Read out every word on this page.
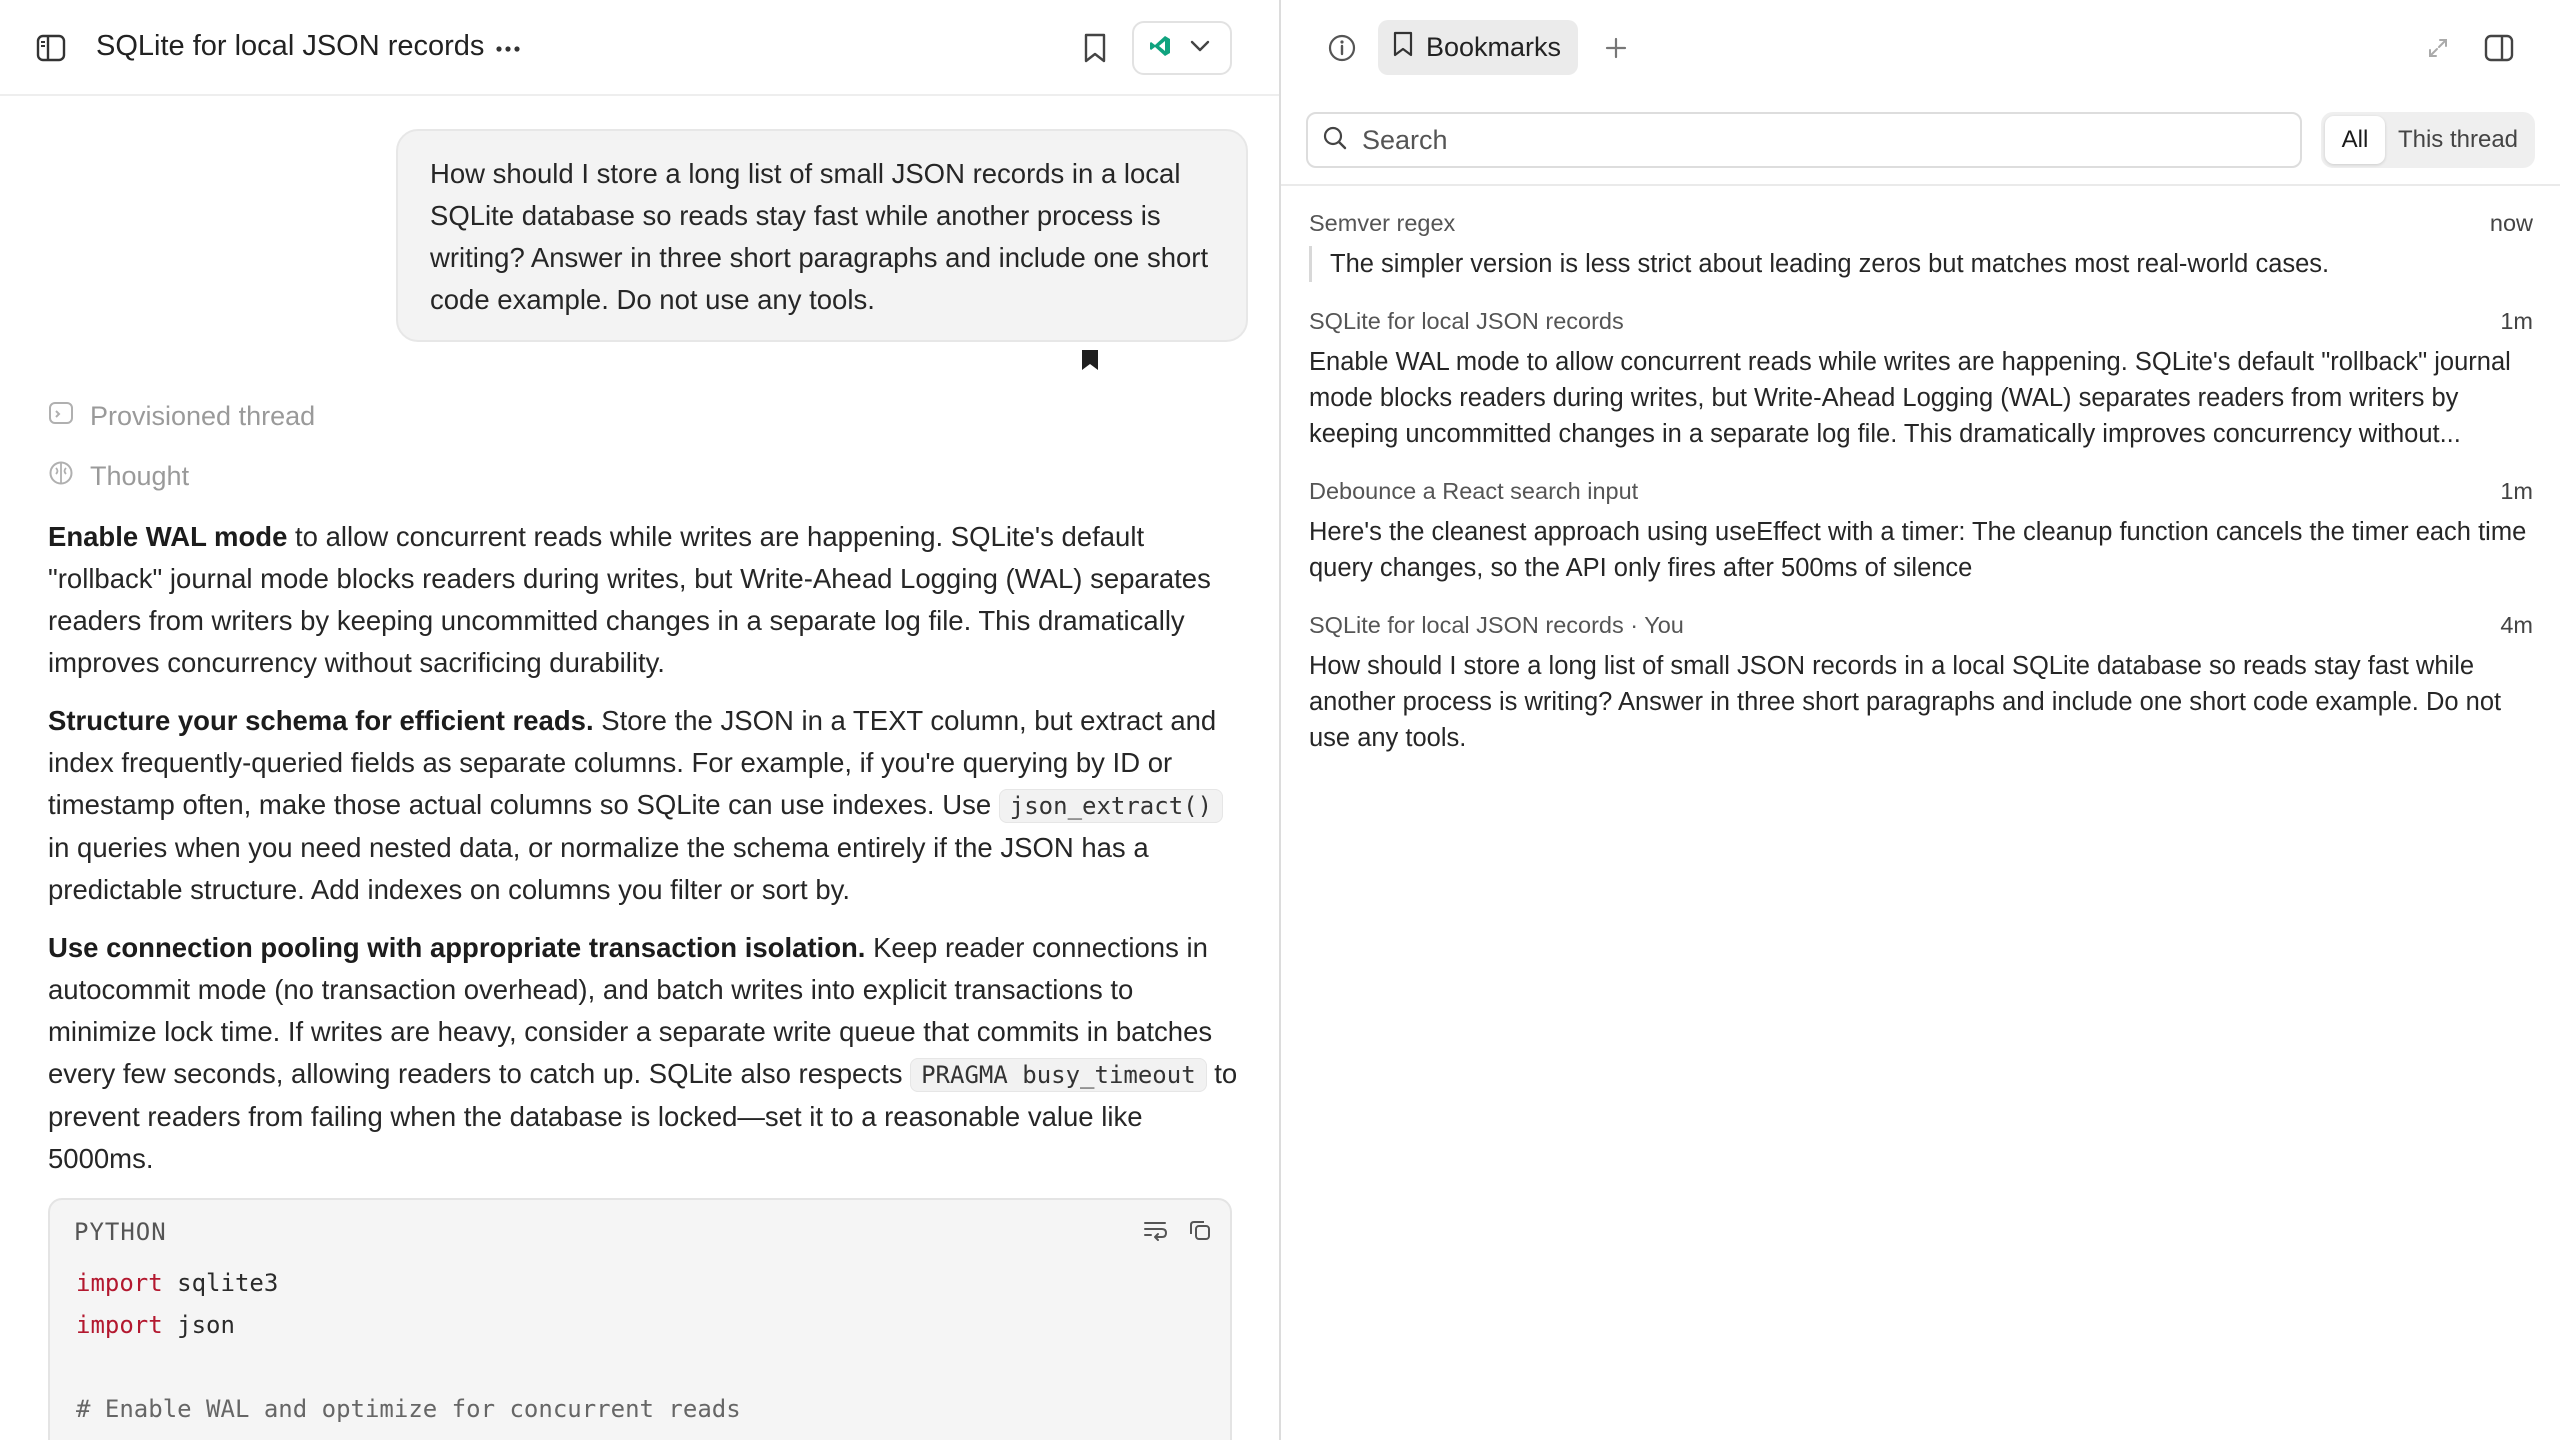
SQLite for local JSON records
How should I store a long list of small JSON records in a local SQLite database so reads stay fast while another process is writing? Answer in three short paragraphs and include one short code example. Do not use any tools.
Provisioned thread
Thought

Enable WAL mode to allow concurrent reads while writes are happening. SQLite's default "rollback" journal mode blocks readers during writes, but Write-Ahead Logging (WAL) separates readers from writers by keeping uncommitted changes in a separate log file. This dramatically improves concurrency without sacrificing durability.

Structure your schema for efficient reads. Store the JSON in a TEXT column, but extract and index frequently-queried fields as separate columns. For example, if you're querying by ID or timestamp often, make those actual columns so SQLite can use indexes. Use json_extract() in queries when you need nested data, or normalize the schema entirely if the JSON has a predictable structure. Add indexes on columns you filter or sort by.

Use connection pooling with appropriate transaction isolation. Keep reader connections in autocommit mode (no transaction overhead), and batch writes into explicit transactions to minimize lock time. If writes are heavy, consider a separate write queue that commits in batches every few seconds, allowing readers to catch up. SQLite also respects PRAGMA busy_timeout to prevent readers from failing when the database is locked—set it to a reasonable value like 5000ms.

PYTHON
import sqlite3
import json

# Enable WAL and optimize for concurrent reads
Bookmarks
Search
All	This thread
Semver regex	now
The simpler version is less strict about leading zeros but matches most real-world cases.
SQLite for local JSON records	1m
Enable WAL mode to allow concurrent reads while writes are happening. SQLite's default "rollback" journal mode blocks readers during writes, but Write-Ahead Logging (WAL) separates readers from writers by keeping uncommitted changes in a separate log file. This dramatically improves concurrency without...
Debounce a React search input	1m
Here's the cleanest approach using useEffect with a timer: The cleanup function cancels the timer each time query changes, so the API only fires after 500ms of silence
SQLite for local JSON records · You	4m
How should I store a long list of small JSON records in a local SQLite database so reads stay fast while another process is writing? Answer in three short paragraphs and include one short code example. Do not use any tools.
